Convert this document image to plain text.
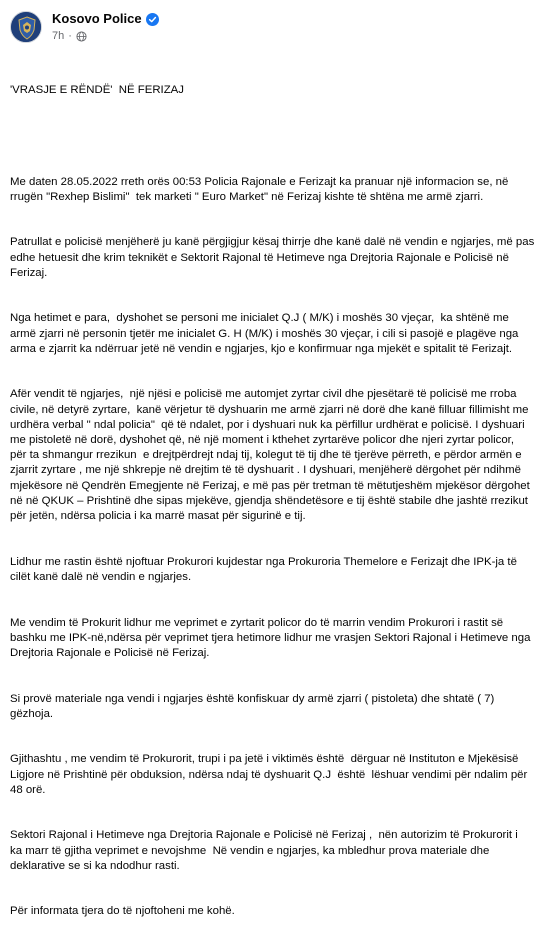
Kosovo Police
7h ·

'VRASJE E RËNDË'  NË FERIZAJ

Me daten 28.05.2022 rreth orës 00:53 Policia Rajonale e Ferizajt ka pranuar një informacion se, në rrugën "Rexhep Bislimi"  tek marketi " Euro Market" në Ferizaj kishte të shtëna me armë zjarri.

Patrullat e policisë menjëherë ju kanë përgjigjur kësaj thirrje dhe kanë dalë në vendin e ngjarjes, më pas edhe hetuesit dhe krim teknikët e Sektorit Rajonal të Hetimeve nga Drejtoria Rajonale e Policisë në Ferizaj.

Nga hetimet e para,  dyshohet se personi me inicialet Q.J ( M/K) i moshës 30 vjeçar,  ka shtënë me armë zjarri në personin tjetër me inicialet G. H (M/K) i moshës 30 vjeçar, i cili si pasojë e plagëve nga arma e zjarrit ka ndërruar jetë në vendin e ngjarjes, kjo e konfirmuar nga mjekët e spitalit të Ferizajt.

Afër vendit të ngjarjes,  një njësi e policisë me automjet zyrtar civil dhe pjesëtarë të policisë me rroba civile, në detyrë zyrtare,  kanë vërjetur të dyshuarin me armë zjarri në dorë dhe kanë filluar fillimisht me urdhëra verbal " ndal policia"  që të ndalet, por i dyshuari nuk ka përfillur urdhërat e policisë. I dyshuari me pistoletë në dorë, dyshohet që, në një moment i kthehet zyrtarëve policor dhe njeri zyrtar policor,  për ta shmangur rrezikun  e drejtpërdrejt ndaj tij, kolegut të tij dhe të tjerëve përreth, e përdor armën e zjarrit zyrtare , me një shkrepje në drejtim të të dyshuarit . I dyshuari, menjëherë dërgohet për ndihmë mjekësore në Qendrën Emegjente në Ferizaj, e më pas për tretman të mëtutjeshëm mjekësor dërgohet në në QKUK – Prishtinë dhe sipas mjekëve, gjendja shëndetësore e tij është stabile dhe jashtë rrezikut për jetën, ndërsa policia i ka marrë masat për sigurinë e tij.

Lidhur me rastin është njoftuar Prokurori kujdestar nga Prokuroria Themelore e Ferizajt dhe IPK-ja të cilët kanë dalë në vendin e ngjarjes.

Me vendim të Prokurit lidhur me veprimet e zyrtarit policor do të marrin vendim Prokurori i rastit së bashku me IPK-në,ndërsa për veprimet tjera hetimore lidhur me vrasjen Sektori Rajonal i Hetimeve nga Drejtoria Rajonale e Policisë në Ferizaj.

Si provë materiale nga vendi i ngjarjes është konfiskuar dy armë zjarri ( pistoleta) dhe shtatë ( 7) gëzhoja.

Gjithashtu , me vendim të Prokurorit, trupi i pa jetë i viktimës është  dërguar në Instituton e Mjekësisë Ligjore në Prishtinë për obduksion, ndërsa ndaj të dyshuarit Q.J  është  lëshuar vendimi për ndalim për 48 orë.

Sektori Rajonal i Hetimeve nga Drejtoria Rajonale e Policisë në Ferizaj ,  nën autorizim të Prokurorit i  ka marr të gjitha veprimet e nevojshme  Në vendin e ngjarjes, ka mbledhur prova materiale dhe deklarative se si ka ndodhur rasti.

Për informata tjera do të njoftoheni me kohë.
